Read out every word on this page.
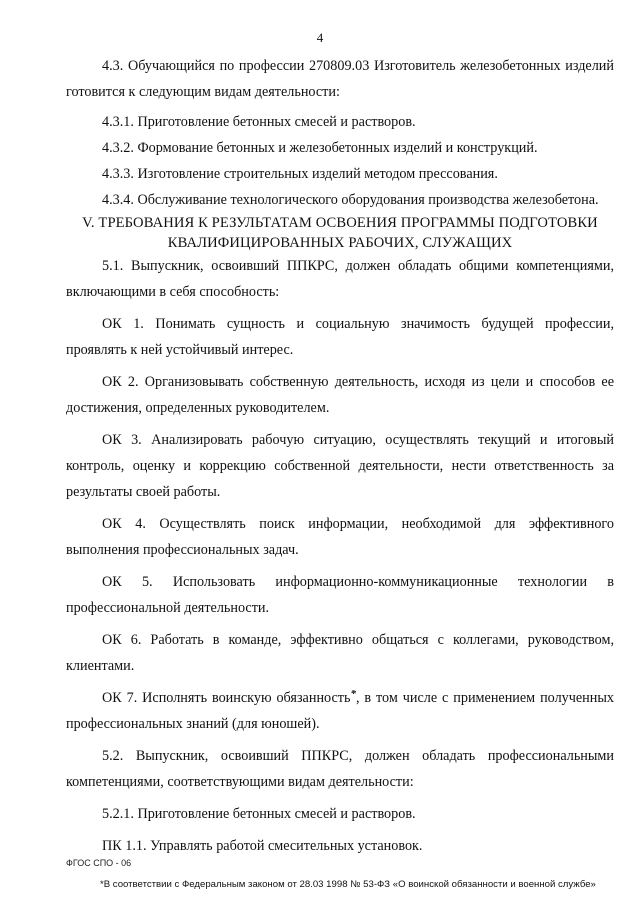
4

4.3. Обучающийся по профессии 270809.03 Изготовитель железобетонных изделий готовится к следующим видам деятельности:

4.3.1. Приготовление бетонных смесей и растворов.

4.3.2. Формование бетонных и железобетонных изделий и конструкций.

4.3.3. Изготовление строительных изделий методом прессования.

4.3.4. Обслуживание технологического оборудования производства железобетона.

V. ТРЕБОВАНИЯ К РЕЗУЛЬТАТАМ ОСВОЕНИЯ ПРОГРАММЫ ПОДГОТОВКИ КВАЛИФИЦИРОВАННЫХ РАБОЧИХ, СЛУЖАЩИХ

5.1. Выпускник, освоивший ППКРС, должен обладать общими компетенциями, включающими в себя способность:

ОК 1. Понимать сущность и социальную значимость будущей профессии, проявлять к ней устойчивый интерес.

ОК 2. Организовывать собственную деятельность, исходя из цели и способов ее достижения, определенных руководителем.

ОК 3. Анализировать рабочую ситуацию, осуществлять текущий и итоговый контроль, оценку и коррекцию собственной деятельности, нести ответственность за результаты своей работы.

ОК 4. Осуществлять поиск информации, необходимой для эффективного выполнения профессиональных задач.

ОК 5. Использовать информационно-коммуникационные технологии в профессиональной деятельности.

ОК 6. Работать в команде, эффективно общаться с коллегами, руководством, клиентами.

ОК 7. Исполнять воинскую обязанность*, в том числе с применением полученных профессиональных знаний (для юношей).

5.2. Выпускник, освоивший ППКРС, должен обладать профессиональными компетенциями, соответствующими видам деятельности:

5.2.1. Приготовление бетонных смесей и растворов.

ПК 1.1. Управлять работой смесительных установок.

ФГОС СПО - 06
*В соответствии с Федеральным законом от 28.03 1998 № 53-ФЗ «О воинской обязанности и военной службе»
